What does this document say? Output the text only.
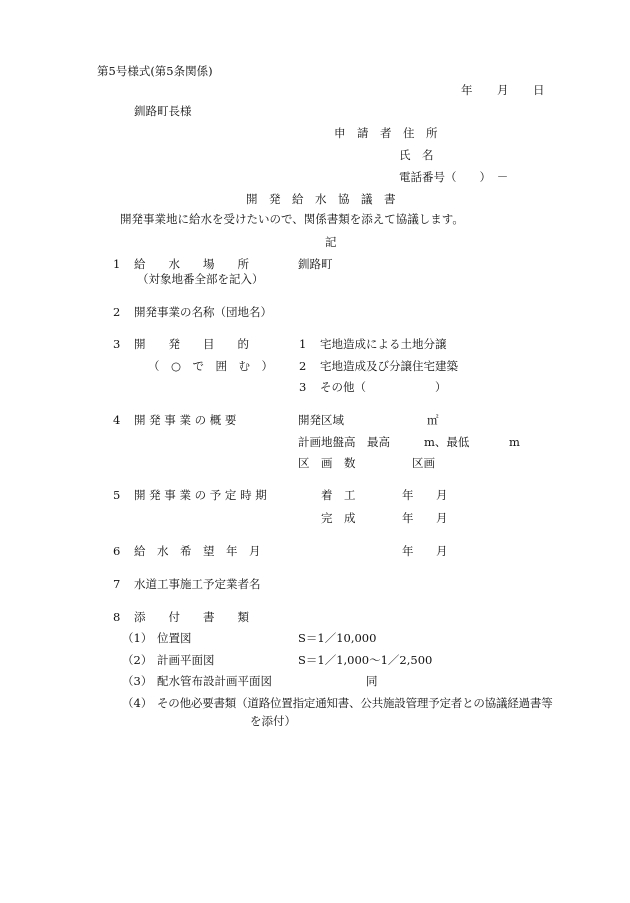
第5号様式(第5条関係)
年 月 日
釧路町長様
申　請　者　住　所
氏　名
電話番号（　　）　－
開　発　給　水　協　議　書
開発事業地に給水を受けたいので、関係書類を添えて協議します。
記
1 給　　水　　場　　所	釧路町
（対象地番全部を記入）
2 開発事業の名称（団地名）
3 開　　発　　目　　的
（　○　で　囲　む　）
1 宅地造成による土地分譲
2 宅地造成及び分譲住宅建築
3 その他（　　　　　　）
4 開 発 事 業 の 概 要	開発区域	㎡
計画地盤高　最高	m、最低	m
区　画　数	区画
5 開 発 事 業 の 予 定 時 期	着　工	年 月
完　成	年 月
6 給　水　希　望　年　月	年 月
7 水道工事施工予定業者名
8 添　　付　　書　　類
（1） 位置図	S＝1／10,000
（2） 計画平面図	S＝1／1,000～1／2,500
（3） 配水管布設計画平面図	同
（4） その他必要書類（道路位置指定通知書、公共施設管理予定者との協議経過書等
を添付）
